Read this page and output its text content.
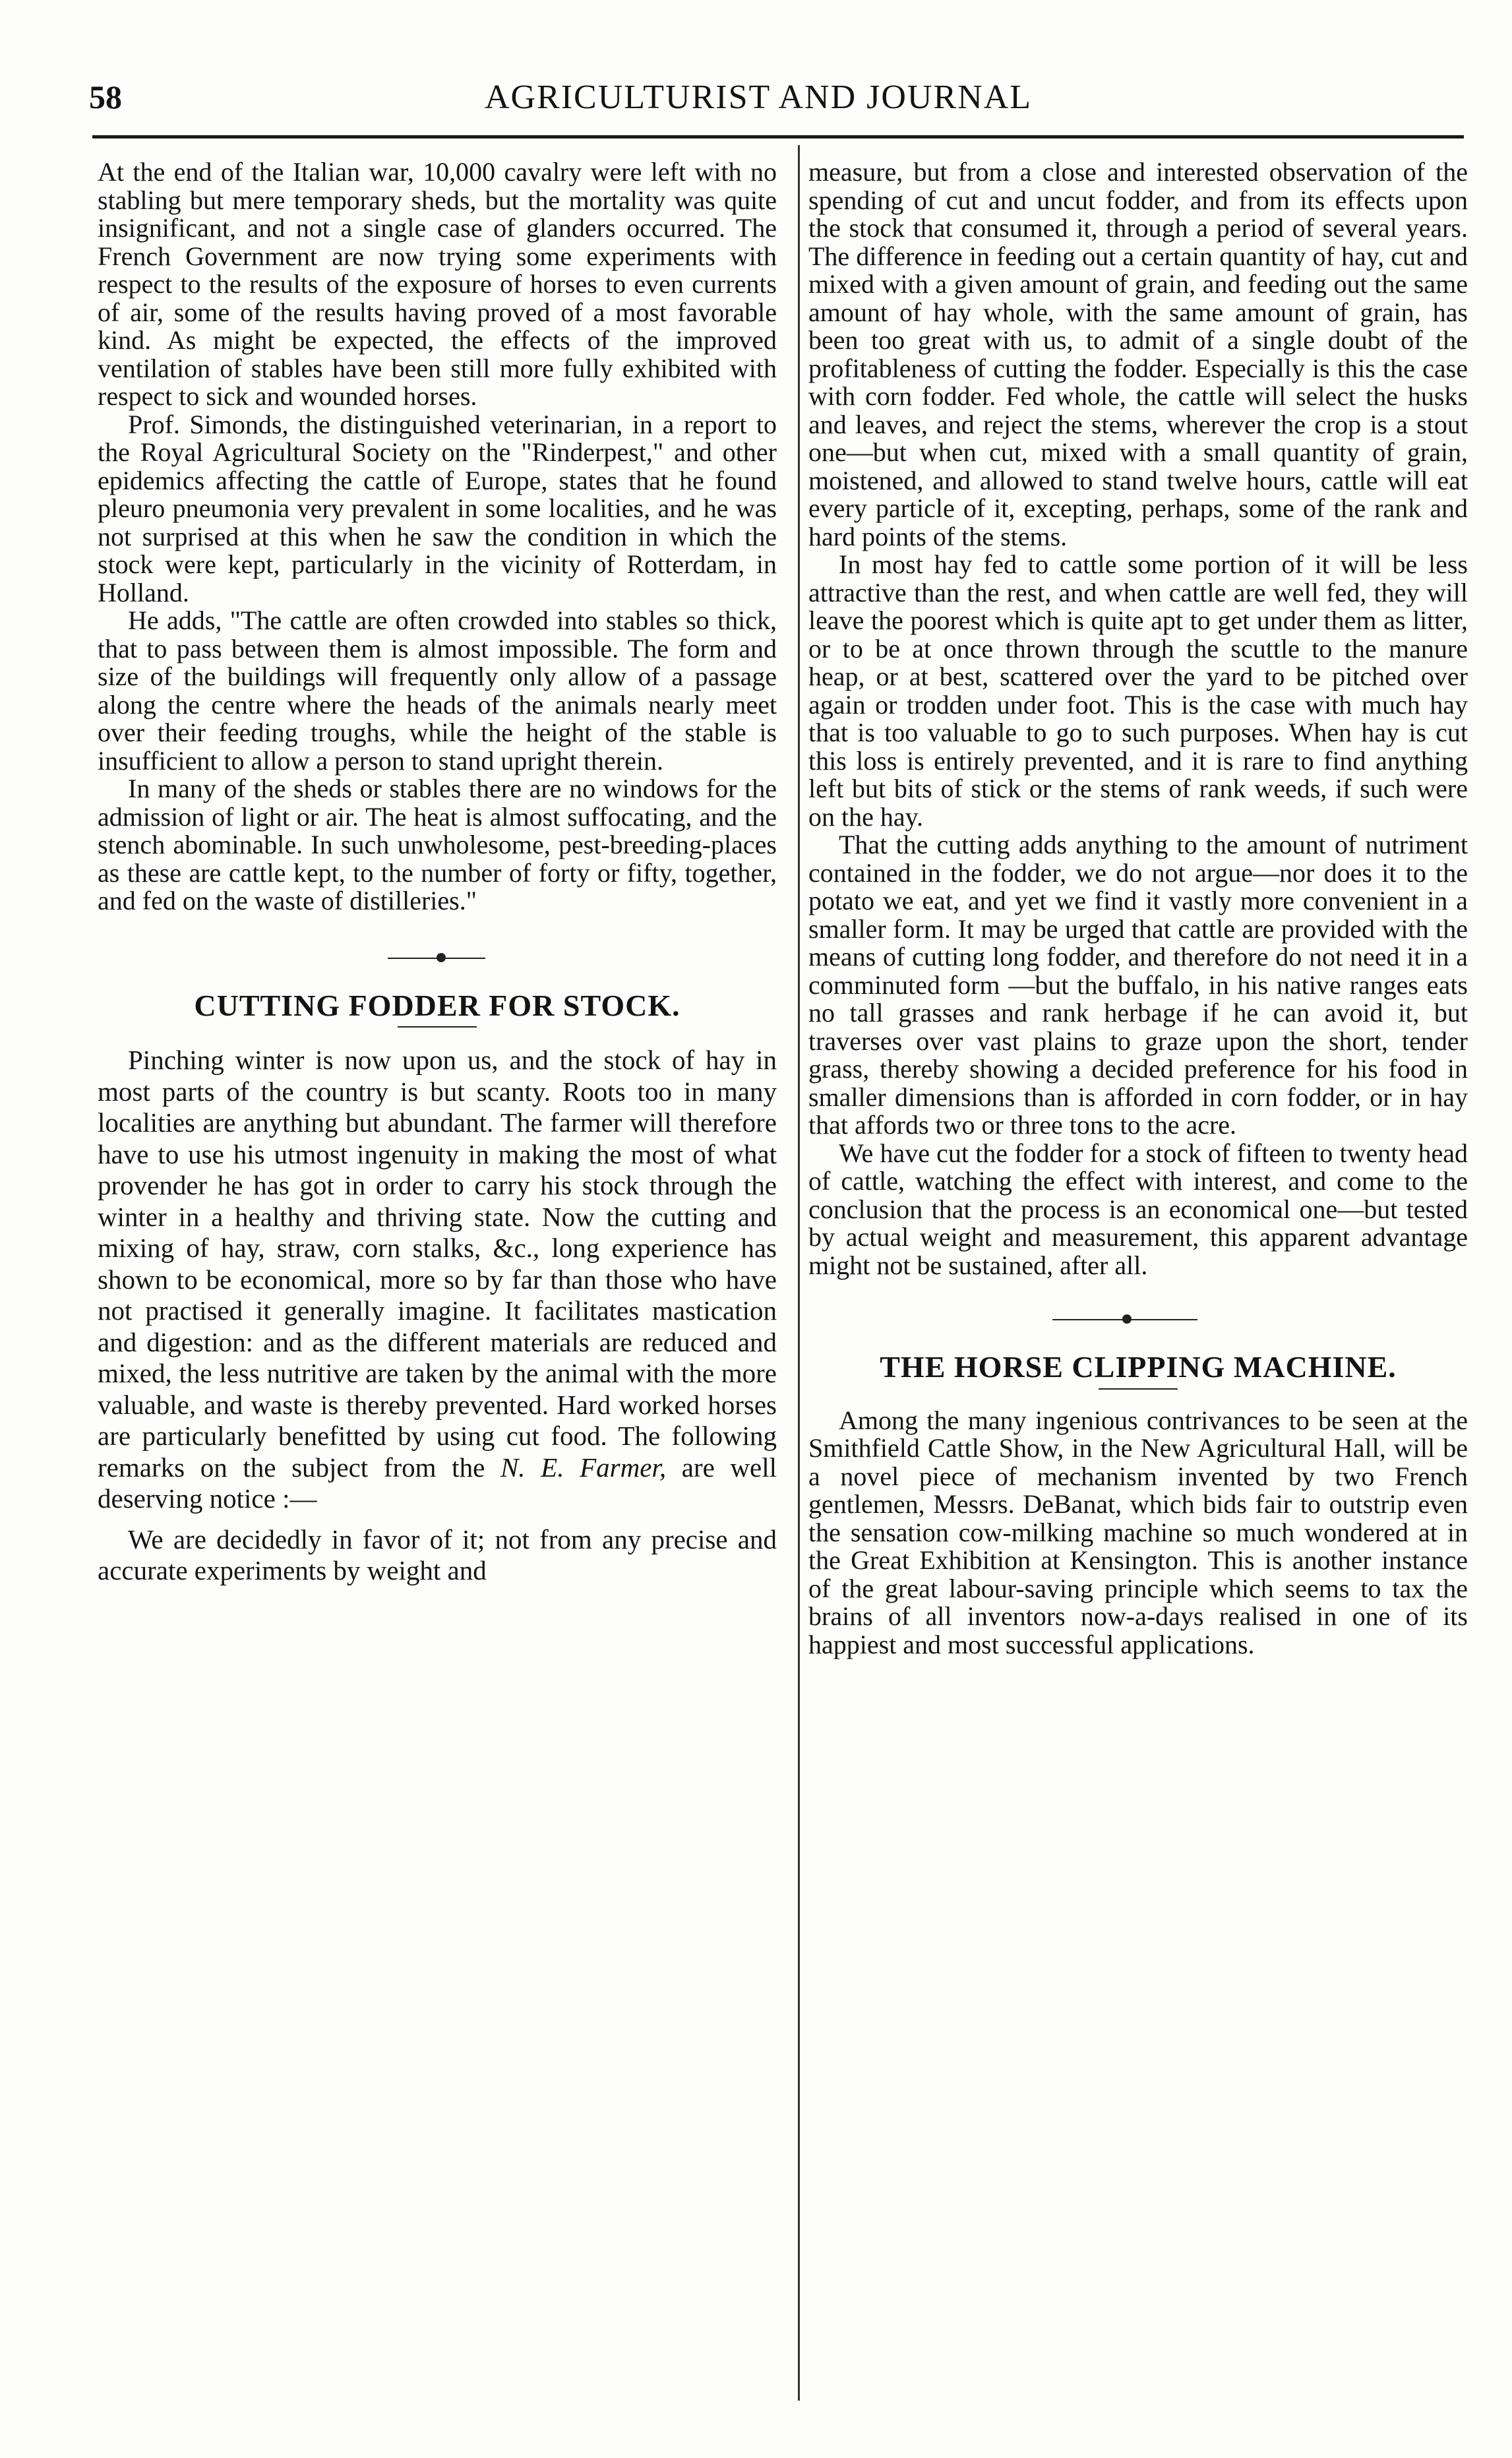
58	AGRICULTURIST AND JOURNAL

At the end of the Italian war, 10,000 cavalry were left with no stabling but mere temporary sheds, but the mortality was quite insignificant, and not a single case of glanders occurred. The French Government are now trying some experiments with respect to the results of the exposure of horses to even currents of air, some of the results having proved of a most favorable kind. As might be expected, the effects of the improved ventilation of stables have been still more fully exhibited with respect to sick and wounded horses.

Prof. Simonds, the distinguished veterinarian, in a report to the Royal Agricultural Society on the "Rinderpest," and other epidemics affecting the cattle of Europe, states that he found pleuro pneumonia very prevalent in some localities, and he was not surprised at this when he saw the condition in which the stock were kept, particularly in the vicinity of Rotterdam, in Holland.

He adds, "The cattle are often crowded into stables so thick, that to pass between them is almost impossible. The form and size of the buildings will frequently only allow of a passage along the centre where the heads of the animals nearly meet over their feeding troughs, while the height of the stable is insufficient to allow a person to stand upright therein.

In many of the sheds or stables there are no windows for the admission of light or air. The heat is almost suffocating, and the stench abominable. In such unwholesome, pest-breeding-places as these are cattle kept, to the number of forty or fifty, together, and fed on the waste of distilleries."

CUTTING FODDER FOR STOCK.

Pinching winter is now upon us, and the stock of hay in most parts of the country is but scanty. Roots too in many localities are anything but abundant. The farmer will therefore have to use his utmost ingenuity in making the most of what provender he has got in order to carry his stock through the winter in a healthy and thriving state. Now the cutting and mixing of hay, straw, corn stalks, &c., long experience has shown to be economical, more so by far than those who have not practised it generally imagine. It facilitates mastication and digestion: and as the different materials are reduced and mixed, the less nutritive are taken by the animal with the more valuable, and waste is thereby prevented. Hard worked horses are particularly benefitted by using cut food. The following remarks on the subject from the N. E. Farmer, are well deserving notice :—

We are decidedly in favor of it; not from any precise and accurate experiments by weight and

measure, but from a close and interested observation of the spending of cut and uncut fodder, and from its effects upon the stock that consumed it, through a period of several years. The difference in feeding out a certain quantity of hay, cut and mixed with a given amount of grain, and feeding out the same amount of hay whole, with the same amount of grain, has been too great with us, to admit of a single doubt of the profitableness of cutting the fodder. Especially is this the case with corn fodder. Fed whole, the cattle will select the husks and leaves, and reject the stems, wherever the crop is a stout one—but when cut, mixed with a small quantity of grain, moistened, and allowed to stand twelve hours, cattle will eat every particle of it, excepting, perhaps, some of the rank and hard points of the stems.

In most hay fed to cattle some portion of it will be less attractive than the rest, and when cattle are well fed, they will leave the poorest which is quite apt to get under them as litter, or to be at once thrown through the scuttle to the manure heap, or at best, scattered over the yard to be pitched over again or trodden under foot. This is the case with much hay that is too valuable to go to such purposes. When hay is cut this loss is entirely prevented, and it is rare to find anything left but bits of stick or the stems of rank weeds, if such were on the hay.

That the cutting adds anything to the amount of nutriment contained in the fodder, we do not argue—nor does it to the potato we eat, and yet we find it vastly more convenient in a smaller form. It may be urged that cattle are provided with the means of cutting long fodder, and therefore do not need it in a comminuted form —but the buffalo, in his native ranges eats no tall grasses and rank herbage if he can avoid it, but traverses over vast plains to graze upon the short, tender grass, thereby showing a decided preference for his food in smaller dimensions than is afforded in corn fodder, or in hay that affords two or three tons to the acre.

We have cut the fodder for a stock of fifteen to twenty head of cattle, watching the effect with interest, and come to the conclusion that the process is an economical one—but tested by actual weight and measurement, this apparent advantage might not be sustained, after all.

THE HORSE CLIPPING MACHINE.

Among the many ingenious contrivances to be seen at the Smithfield Cattle Show, in the New Agricultural Hall, will be a novel piece of mechanism invented by two French gentlemen, Messrs. DeBanat, which bids fair to outstrip even the sensation cow-milking machine so much wondered at in the Great Exhibition at Kensington. This is another instance of the great labour-saving principle which seems to tax the brains of all inventors now-a-days realised in one of its happiest and most successful applications.
